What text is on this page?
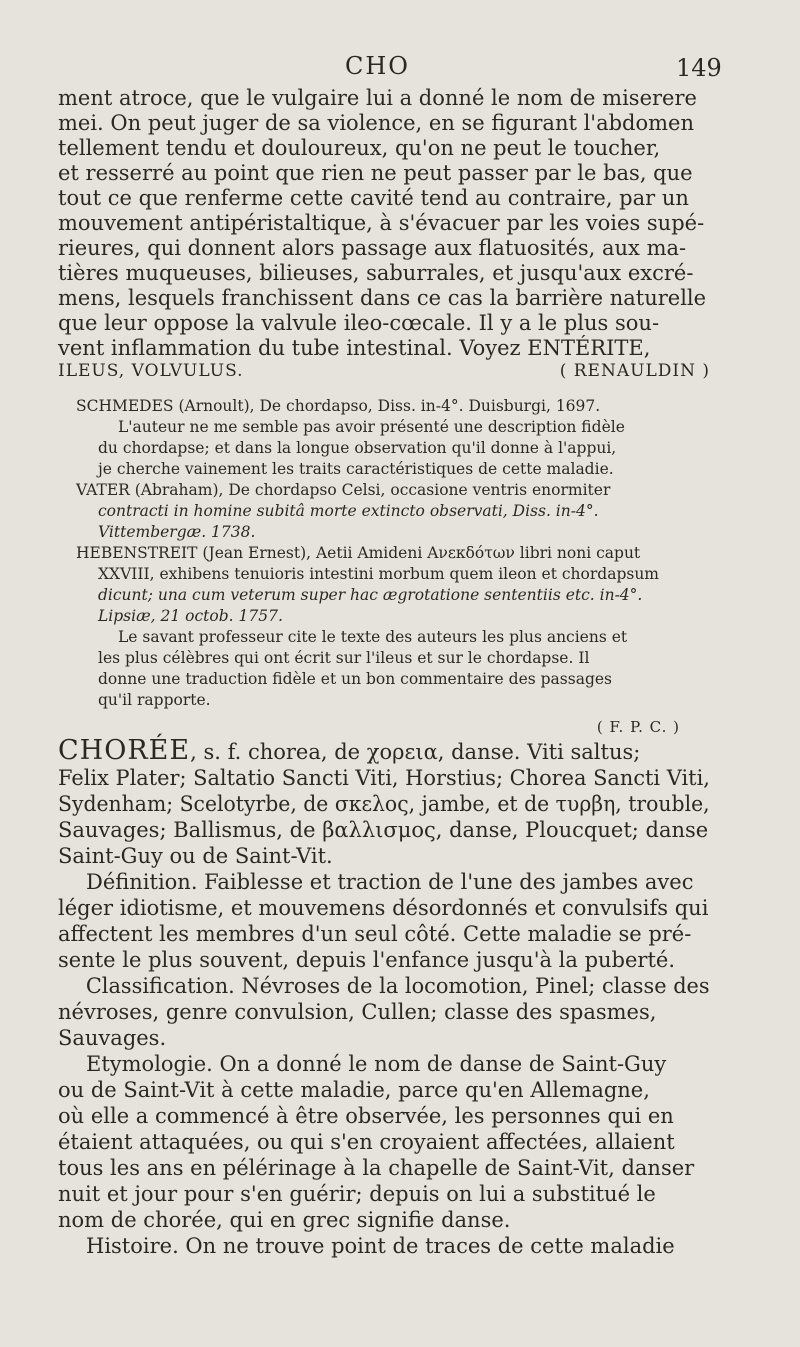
CHO	149
ment atroce, que le vulgaire lui a donné le nom de miserere
mei. On peut juger de sa violence, en se figurant l'abdomen
tellement tendu et douloureux, qu'on ne peut le toucher,
et resserré au point que rien ne peut passer par le bas, que
tout ce que renferme cette cavité tend au contraire, par un
mouvement antipéristaltique, à s'évacuer par les voies supé-
rieures, qui donnent alors passage aux flatuosités, aux ma-
tières muqueuses, bilieuses, saburrales, et jusqu'aux excré-
mens, lesquels franchissent dans ce cas la barrière naturelle
que leur oppose la valvule ileo-cœcale. Il y a le plus sou-
vent inflammation du tube intestinal. Voyez ENTÉRITE,
ILEUS, VOLVULUS.	( RENAULDIN )
SCHMEDES (Arnoult), De chordapso, Diss. in-4°. Duisburgi, 1697.
L'auteur ne me semble pas avoir présenté une description fidèle
du chordapse; et dans la longue observation qu'il donne à l'appui,
je cherche vainement les traits caractéristiques de cette maladie.
VATER (Abraham), De chordapso Celsi, occasione ventris enormiter
contracti in homine subitâ morte extincto observati, Diss. in-4°.
Vittembergæ. 1738.
HEBENSTREIT (Jean Ernest), Aetii Amideni Ανεκδότων libri noni caput
XXVIII, exhibens tenuioris intestini morbum quem ileon et chordapsum
dicunt; una cum veterum super hac ægrotatione sententiis etc. in-4°.
Lipsiæ, 21 octob. 1757.
Le savant professeur cite le texte des auteurs les plus anciens et
les plus célèbres qui ont écrit sur l'ileus et sur le chordapse. Il
donne une traduction fidèle et un bon commentaire des passages
qu'il rapporte.
( F. P. C. )
CHORÉE, s. f. chorea, de χορεια, danse. Viti saltus;
Felix Plater; Saltatio Sancti Viti, Horstius; Chorea Sancti Viti,
Sydenham; Scelotyrbe, de σκελος, jambe, et de τυρβη, trouble,
Sauvages; Ballismus, de βαλλισμος, danse, Ploucquet; danse
Saint-Guy ou de Saint-Vit.
Définition. Faiblesse et traction de l'une des jambes avec
léger idiotisme, et mouvemens désordonnés et convulsifs qui
affectent les membres d'un seul côté. Cette maladie se pré-
sente le plus souvent, depuis l'enfance jusqu'à la puberté.
Classification. Névroses de la locomotion, Pinel; classe des
névroses, genre convulsion, Cullen; classe des spasmes,
Sauvages.
Etymologie. On a donné le nom de danse de Saint-Guy
ou de Saint-Vit à cette maladie, parce qu'en Allemagne,
où elle a commencé à être observée, les personnes qui en
étaient attaquées, ou qui s'en croyaient affectées, allaient
tous les ans en pélérinage à la chapelle de Saint-Vit, danser
nuit et jour pour s'en guérir; depuis on lui a substitué le
nom de chorée, qui en grec signifie danse.
Histoire. On ne trouve point de traces de cette maladie
